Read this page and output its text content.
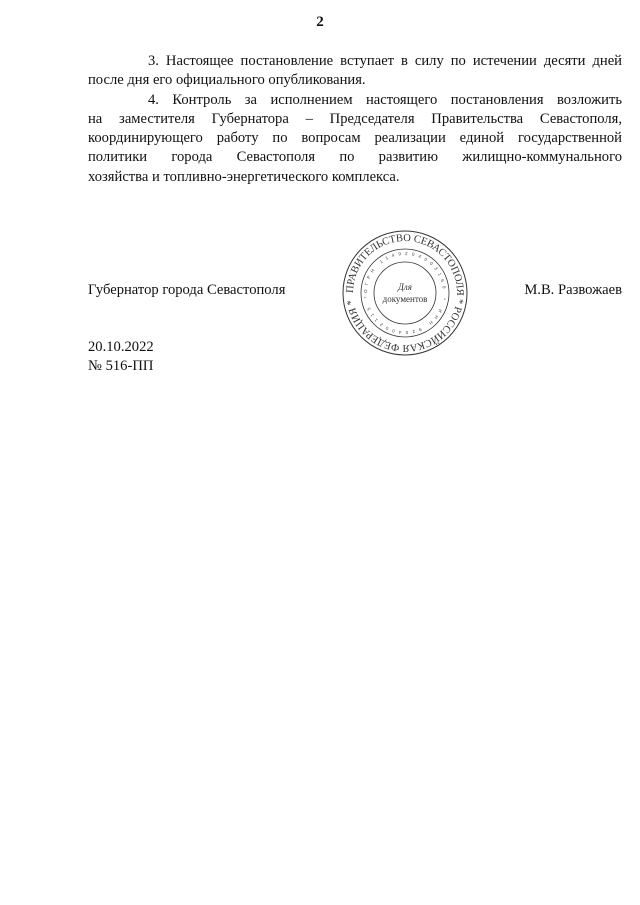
2
3. Настоящее постановление вступает в силу по истечении десяти дней
после дня его официального опубликования.
4. Контроль за исполнением настоящего постановления возложить
на заместителя Губернатора – Председателя Правительства Севастополя,
координирующего работу по вопросам реализации единой государственной
политики города Севастополя по развитию жилищно-коммунального
хозяйства и топливно-энергетического комплекса.
Губернатор города Севастополя	ПРАВИТЕЛЬСТВО СЕВАСТОПОЛЯ * РОССИЙСКАЯ ФЕДЕРАЦИЯ *
ОГРН 1149204003160 * ИНН 9204002115 *
Для
документов
М.В. Развожаев
20.10.2022
№ 516-ПП
